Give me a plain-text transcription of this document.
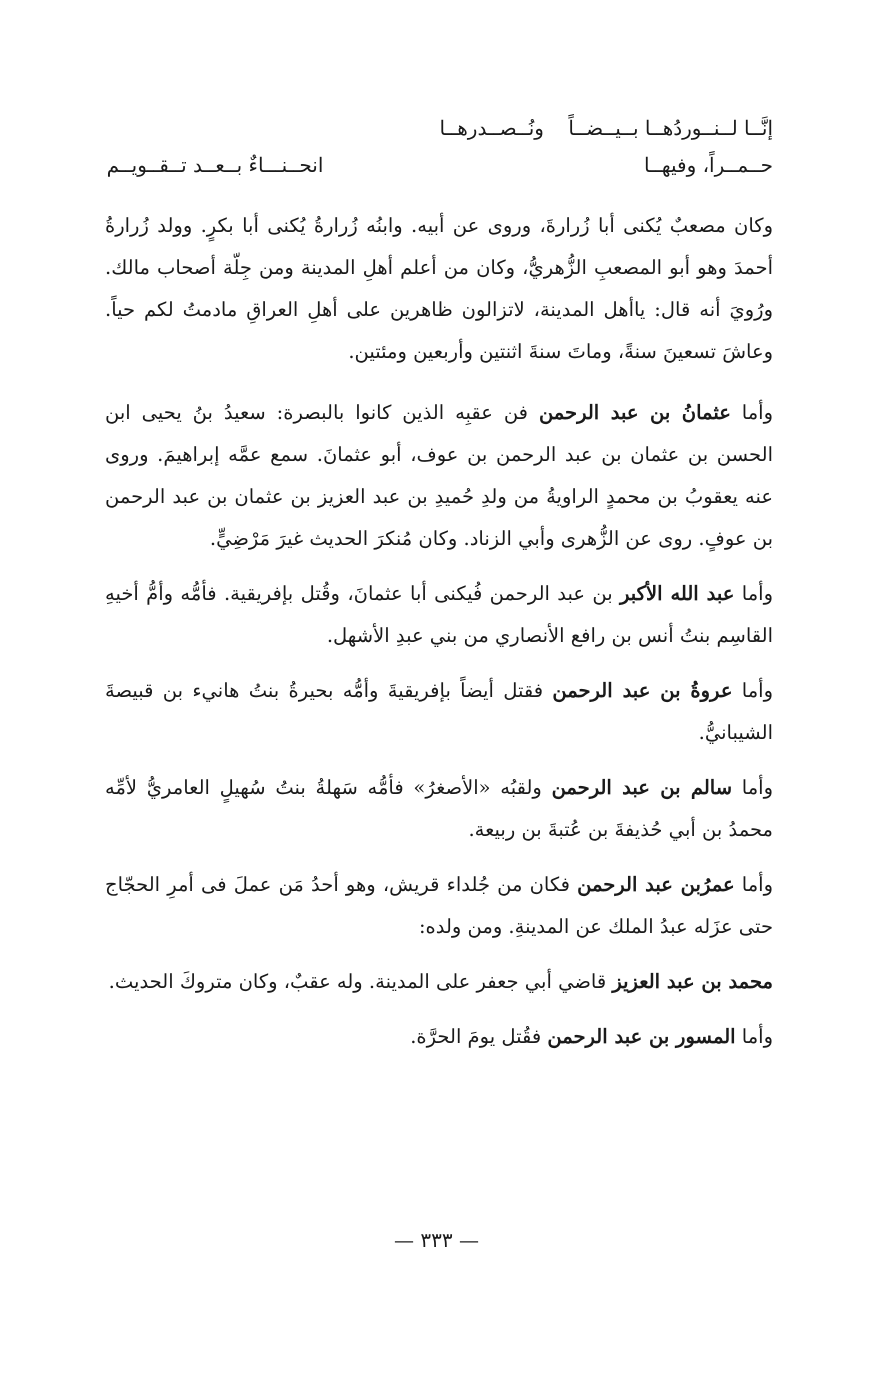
إنَّــا لــنــوردُهــا بــيــضــاً ونُــصــدرهــا
حــمــراً، وفيهــا انحــنـــاءٌ بــعــد تــقــويــم

وكان مصعبٌ يُكنى أبا زُرارةَ، وروى عن أبيه. وابنُه زُرارةُ يُكنى أبا بكرٍ. وولد زُرارةُ أحمدَ وهو أبو المصعبِ الزُّهريُّ، وكان من أعلم أهلِ المدينة ومن جِلّة أصحاب مالك. ورُويَ أنه قال: ياأهل المدينة، لاتزالون ظاهرين على أهلِ العراقِ مادمتُ لكم حياً. وعاشَ تسعينَ سنةً، وماتَ سنةَ اثنتين وأربعين ومئتين.

وأما عثمانُ بن عبد الرحمن فن عقبِه الذين كانوا بالبصرة: سعيدُ بنُ يحيى ابن الحسن بن عثمان بن عبد الرحمن بن عوف، أبو عثمانَ. سمع عمَّه إبراهيمَ. وروى عنه يعقوبُ بن محمدٍ الراويةُ من ولدِ حُميدِ بن عبد العزيز بن عثمان بن عبد الرحمن بن عوفٍ. روى عن الزُّهرى وأبي الزناد. وكان مُنكرَ الحديث غيرَ مَرْضِيٍّ.

وأما عبد الله الأكبر بن عبد الرحمن فُيكنى أبا عثمانَ، وقُتل بإفريقية. فأمُّه وأمُّ أخيهِ القاسِم بنتُ أنس بن رافع الأنصاري من بني عبدِ الأشهل.

وأما عروةُ بن عبد الرحمن فقتل أيضاً بإفريقيةَ وأمُّه بحيرةُ بنتُ هانيء بن قبيصةَ الشيبانيُّ.

وأما سالم بن عبد الرحمن ولقبُه «الأصغرُ» فأمُّه سَهلةُ بنتُ سُهيلٍ العامريُّ لأمِّه محمدُ بن أبي حُذيفةَ بن عُتبةَ بن ربيعة.

وأما عمرُبن عبد الرحمن فكان من جُلداء قريش، وهو أحدُ مَن عملَ فى أمرِ الحجّاج حتى عزَله عبدُ الملك عن المدينةِ. ومن ولده:

محمد بن عبد العزيز قاضي أبي جعفر على المدينة. وله عقبٌ، وكان متروكَ الحديث.

وأما المسور بن عبد الرحمن فقُتل يومَ الحرَّة.

— ٣٣٣ —
